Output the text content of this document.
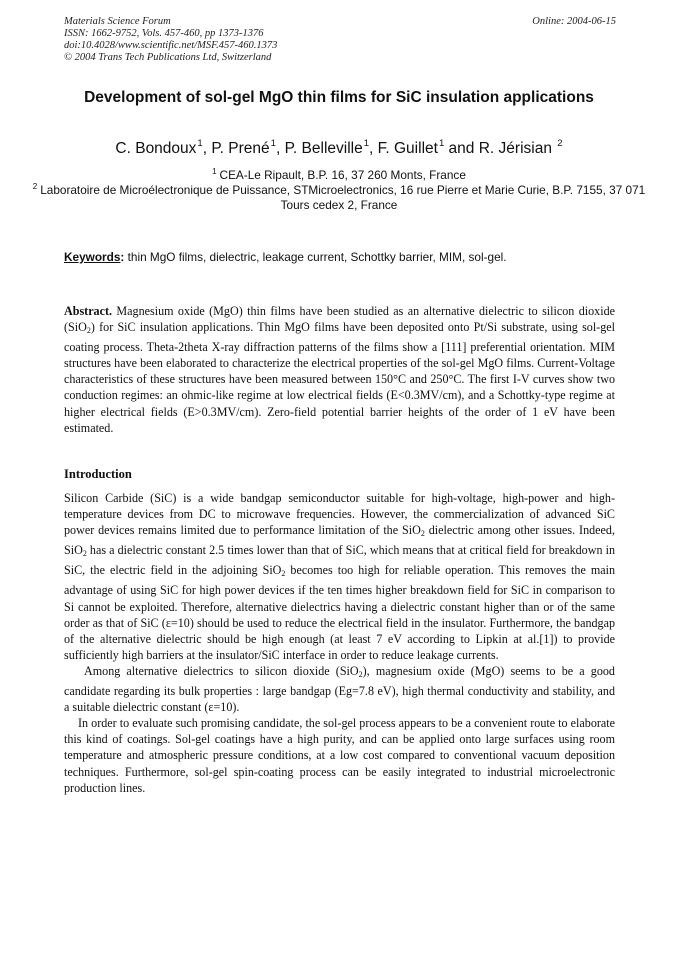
Materials Science Forum
ISSN: 1662-9752, Vols. 457-460, pp 1373-1376
doi:10.4028/www.scientific.net/MSF.457-460.1373
© 2004 Trans Tech Publications Ltd, Switzerland
Online: 2004-06-15
Development of sol-gel MgO thin films for SiC insulation applications
C. Bondoux$^1$, P. Prené$^1$, P. Belleville$^1$, F. Guillet$^1$ and R. Jérisian $^2$
$^1$ CEA-Le Ripault, B.P. 16, 37 260 Monts, France
$^2$ Laboratoire de Microélectronique de Puissance, STMicroelectronics, 16 rue Pierre et Marie Curie, B.P. 7155, 37 071 Tours cedex 2, France
Keywords: thin MgO films, dielectric, leakage current, Schottky barrier, MIM, sol-gel.
Abstract. Magnesium oxide (MgO) thin films have been studied as an alternative dielectric to silicon dioxide (SiO$_2$) for SiC insulation applications. Thin MgO films have been deposited onto Pt/Si substrate, using sol-gel coating process. Theta-2theta X-ray diffraction patterns of the films show a [111] preferential orientation. MIM structures have been elaborated to characterize the electrical properties of the sol-gel MgO films. Current-Voltage characteristics of these structures have been measured between 150°C and 250°C. The first I-V curves show two conduction regimes: an ohmic-like regime at low electrical fields (E<0.3MV/cm), and a Schottky-type regime at higher electrical fields (E>0.3MV/cm). Zero-field potential barrier heights of the order of 1 eV have been estimated.
Introduction

Silicon Carbide (SiC) is a wide bandgap semiconductor suitable for high-voltage, high-power and high-temperature devices from DC to microwave frequencies. However, the commercialization of advanced SiC power devices remains limited due to performance limitation of the SiO$_2$ dielectric among other issues. Indeed, SiO$_2$ has a dielectric constant 2.5 times lower than that of SiC, which means that at critical field for breakdown in SiC, the electric field in the adjoining SiO$_2$ becomes too high for reliable operation. This removes the main advantage of using SiC for high power devices if the ten times higher breakdown field for SiC in comparison to Si cannot be exploited. Therefore, alternative dielectrics having a dielectric constant higher than or of the same order as that of SiC (ε=10) should be used to reduce the electrical field in the insulator. Furthermore, the bandgap of the alternative dielectric should be high enough (at least 7 eV according to Lipkin at al.[1]) to provide sufficiently high barriers at the insulator/SiC interface in order to reduce leakage currents.

Among alternative dielectrics to silicon dioxide (SiO$_2$), magnesium oxide (MgO) seems to be a good candidate regarding its bulk properties : large bandgap (Eg=7.8 eV), high thermal conductivity and stability, and a suitable dielectric constant (ε=10).

In order to evaluate such promising candidate, the sol-gel process appears to be a convenient route to elaborate this kind of coatings. Sol-gel coatings have a high purity, and can be applied onto large surfaces using room temperature and atmospheric pressure conditions, at a low cost compared to conventional vacuum deposition techniques. Furthermore, sol-gel spin-coating process can be easily integrated to industrial microelectronic production lines.
